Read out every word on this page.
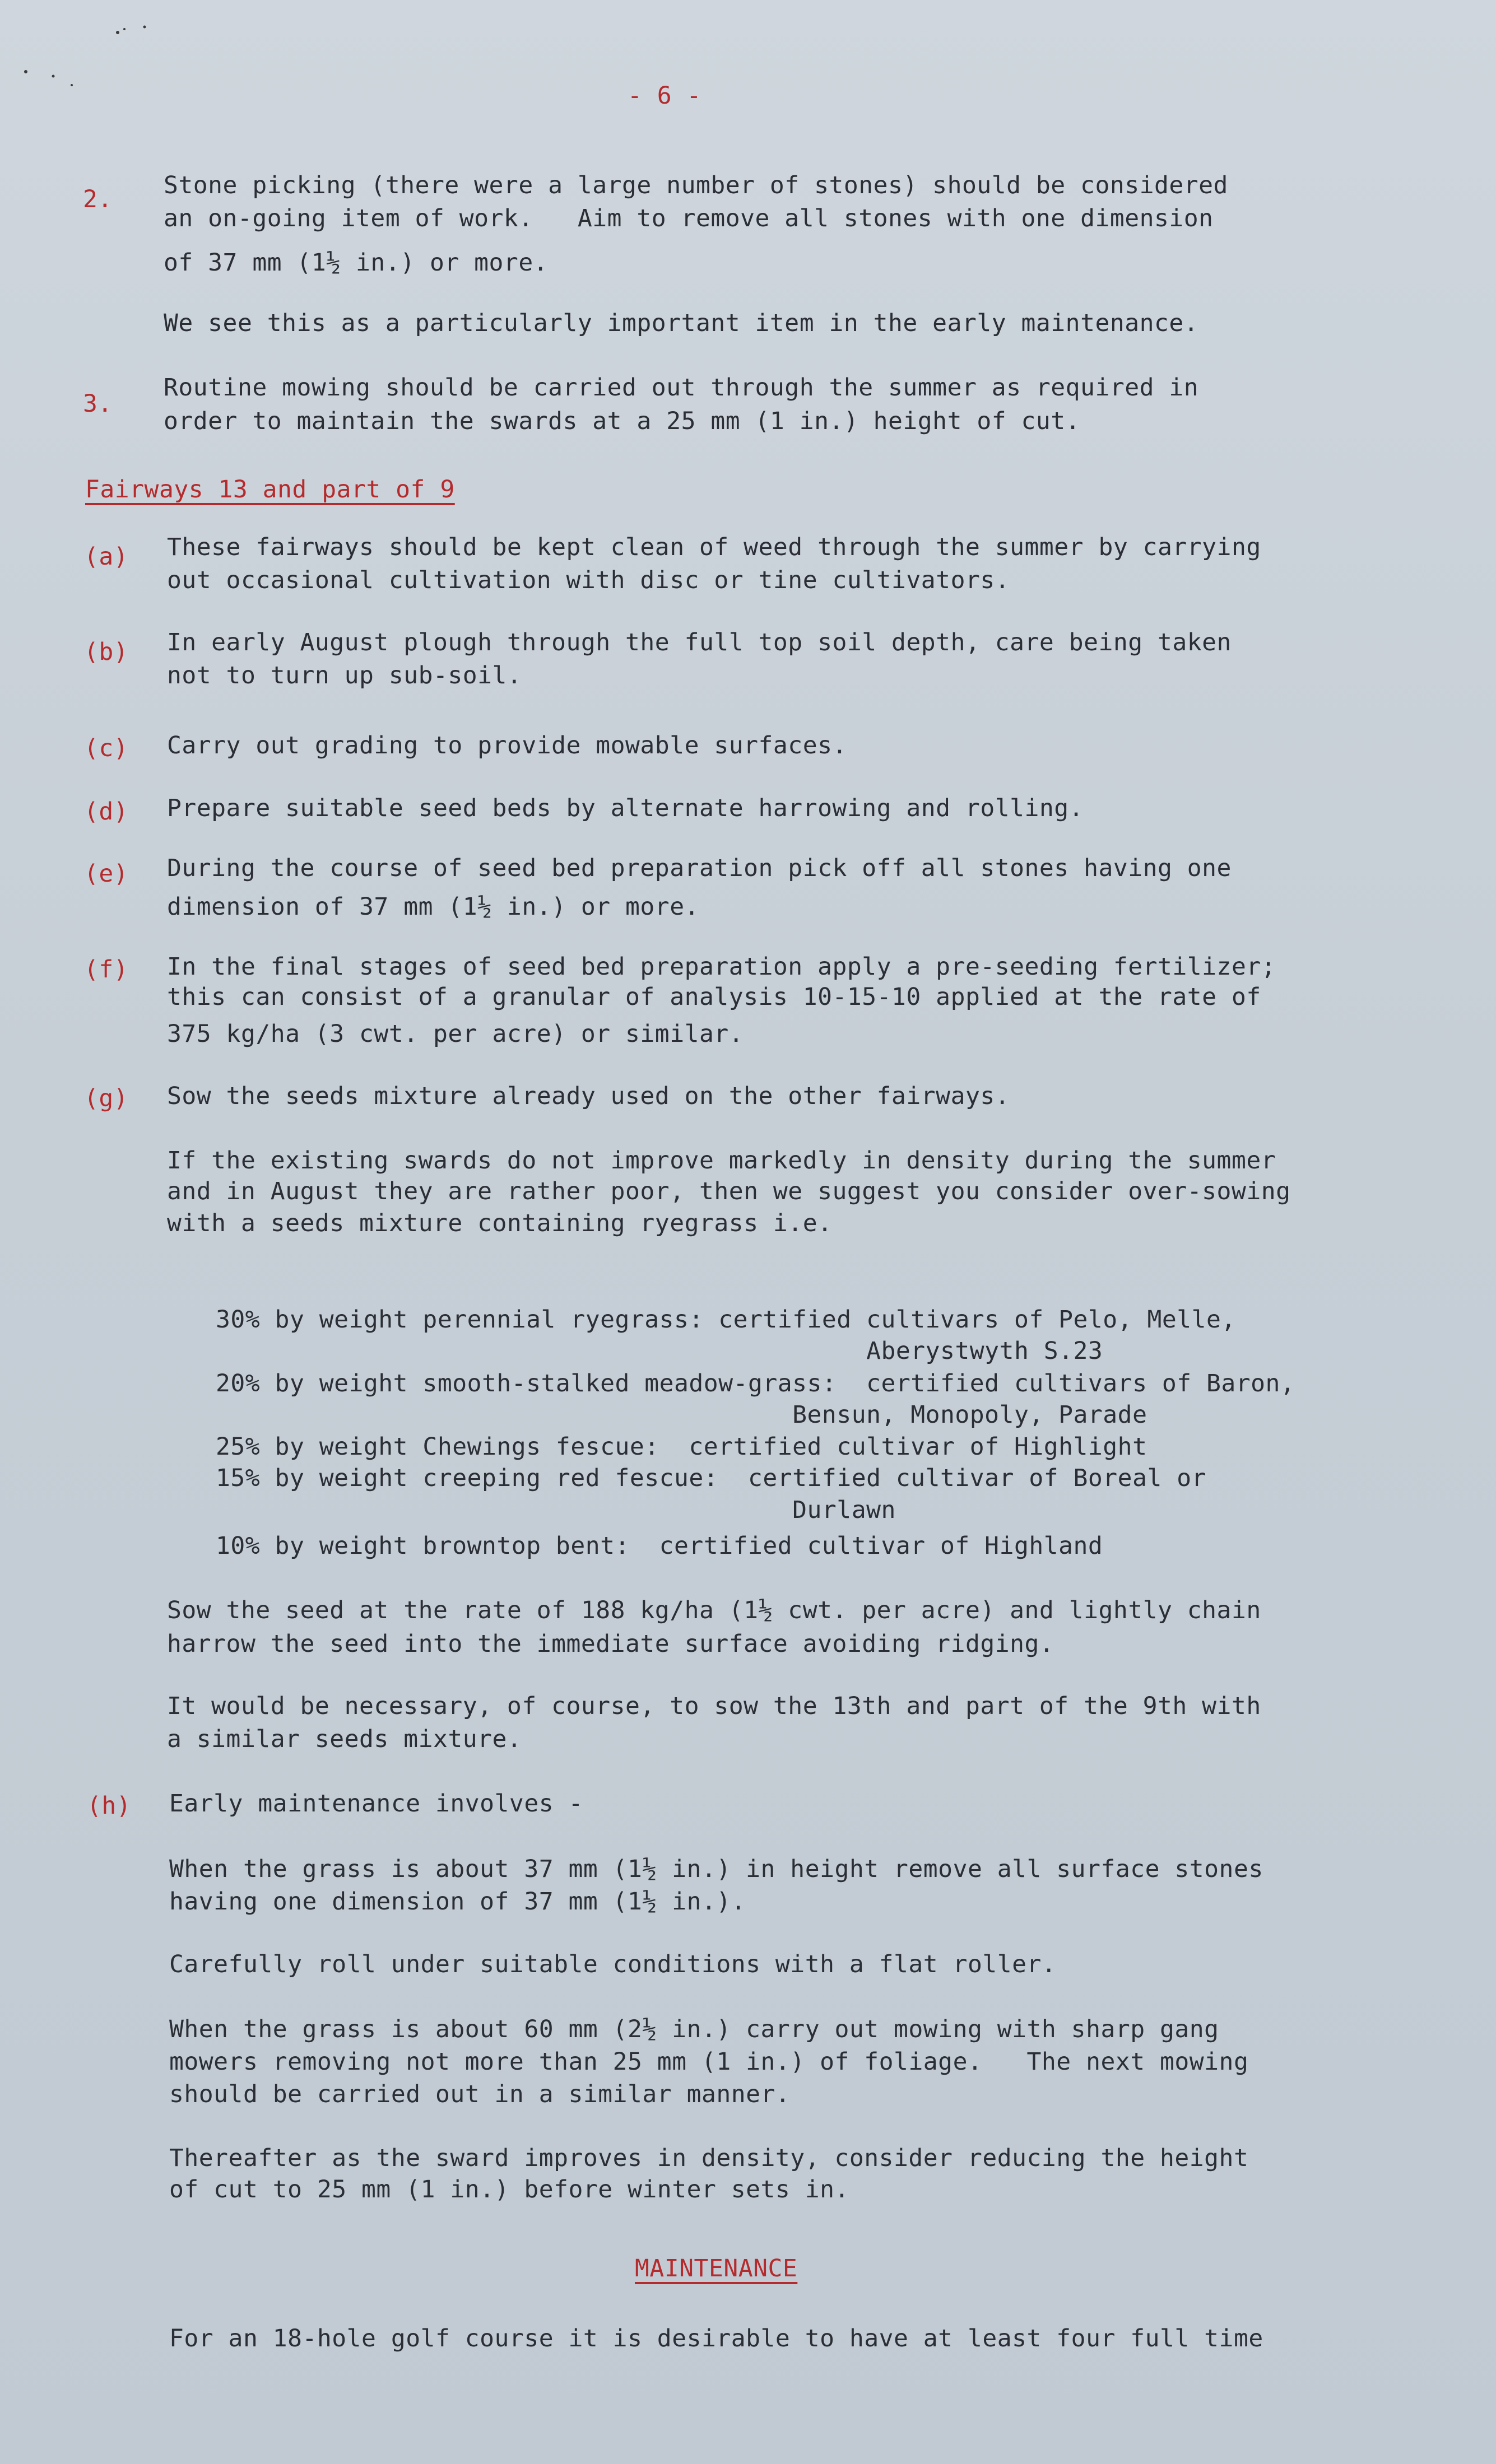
- 6 -
2. Stone picking (there were a large number of stones) should be considered
an on-going item of work.   Aim to remove all stones with one dimension
of 37 mm (1½ in.) or more.
We see this as a particularly important item in the early maintenance.
3.
Routine mowing should be carried out through the summer as required in
order to maintain the swards at a 25 mm (1 in.) height of cut.
Fairways 13 and part of 9
(a) These fairways should be kept clean of weed through the summer by carrying
out occasional cultivation with disc or tine cultivators.
(b) In early August plough through the full top soil depth, care being taken
not to turn up sub-soil.
(c) Carry out grading to provide mowable surfaces.
(d) Prepare suitable seed beds by alternate harrowing and rolling.
(e) During the course of seed bed preparation pick off all stones having one
dimension of 37 mm (1½ in.) or more.
(f) In the final stages of seed bed preparation apply a pre-seeding fertilizer;
this can consist of a granular of analysis 10-15-10 applied at the rate of
375 kg/ha (3 cwt. per acre) or similar.
(g) Sow the seeds mixture already used on the other fairways.
If the existing swards do not improve markedly in density during the summer
and in August they are rather poor, then we suggest you consider over-sowing
with a seeds mixture containing ryegrass i.e.
30% by weight perennial ryegrass: certified cultivars of Pelo, Melle,
Aberystwyth S.23
20% by weight smooth-stalked meadow-grass:  certified cultivars of Baron,
Bensun, Monopoly, Parade
25% by weight Chewings fescue:  certified cultivar of Highlight
15% by weight creeping red fescue:  certified cultivar of Boreal or
Durlawn
10% by weight browntop bent:  certified cultivar of Highland
Sow the seed at the rate of 188 kg/ha (1½ cwt. per acre) and lightly chain
harrow the seed into the immediate surface avoiding ridging.
It would be necessary, of course, to sow the 13th and part of the 9th with
a similar seeds mixture.
(h) Early maintenance involves -
When the grass is about 37 mm (1½ in.) in height remove all surface stones
having one dimension of 37 mm (1½ in.).
Carefully roll under suitable conditions with a flat roller.
When the grass is about 60 mm (2½ in.) carry out mowing with sharp gang
mowers removing not more than 25 mm (1 in.) of foliage.   The next mowing
should be carried out in a similar manner.
Thereafter as the sward improves in density, consider reducing the height
of cut to 25 mm (1 in.) before winter sets in.
MAINTENANCE
For an 18-hole golf course it is desirable to have at least four full time
